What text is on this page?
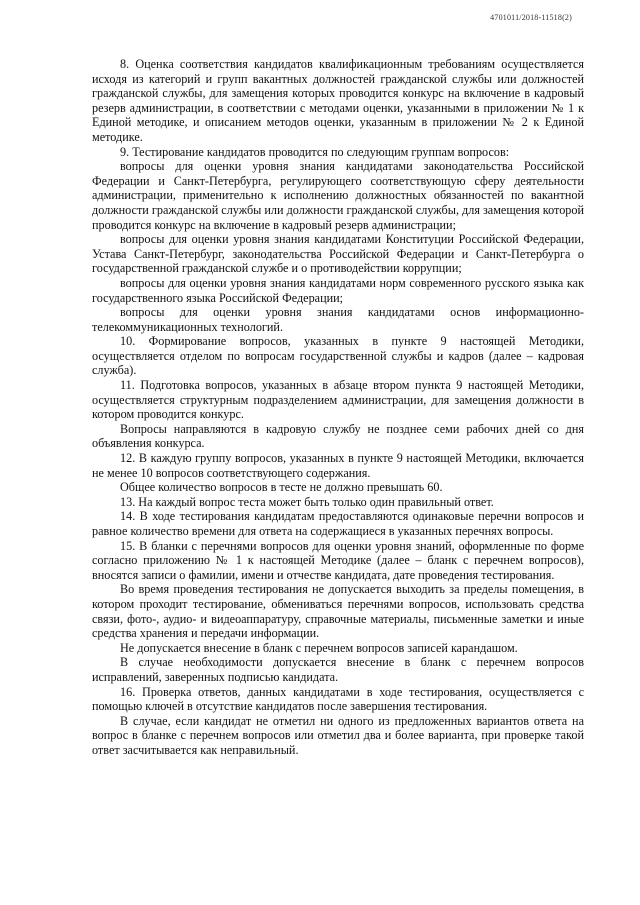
4701011/2018-11518(2)

8. Оценка соответствия кандидатов квалификационным требованиям осуществляется исходя из категорий и групп вакантных должностей гражданской службы или должностей гражданской службы, для замещения которых проводится конкурс на включение в кадровый резерв администрации, в соответствии с методами оценки, указанными в приложении № 1 к Единой методике, и описанием методов оценки, указанным в приложении № 2 к Единой методике.

9. Тестирование кандидатов проводится по следующим группам вопросов:

вопросы для оценки уровня знания кандидатами законодательства Российской Федерации и Санкт-Петербурга, регулирующего соответствующую сферу деятельности администрации, применительно к исполнению должностных обязанностей по вакантной должности гражданской службы или должности гражданской службы, для замещения которой проводится конкурс на включение в кадровый резерв администрации;

вопросы для оценки уровня знания кандидатами Конституции Российской Федерации, Устава Санкт-Петербург, законодательства Российской Федерации и Санкт-Петербурга о государственной гражданской службе и о противодействии коррупции;

вопросы для оценки уровня знания кандидатами норм современного русского языка как государственного языка Российской Федерации;

вопросы для оценки уровня знания кандидатами основ информационно-телекоммуникационных технологий.

10. Формирование вопросов, указанных в пункте 9 настоящей Методики, осуществляется отделом по вопросам государственной службы и кадров (далее – кадровая служба).

11. Подготовка вопросов, указанных в абзаце втором пункта 9 настоящей Методики, осуществляется структурным подразделением администрации, для замещения должности в котором проводится конкурс.

Вопросы направляются в кадровую службу не позднее семи рабочих дней со дня объявления конкурса.

12. В каждую группу вопросов, указанных в пункте 9 настоящей Методики, включается не менее 10 вопросов соответствующего содержания.

Общее количество вопросов в тесте не должно превышать 60.

13. На каждый вопрос теста может быть только один правильный ответ.

14. В ходе тестирования кандидатам предоставляются одинаковые перечни вопросов и равное количество времени для ответа на содержащиеся в указанных перечнях вопросы.

15. В бланки с перечнями вопросов для оценки уровня знаний, оформленные по форме согласно приложению № 1 к настоящей Методике (далее – бланк с перечнем вопросов), вносятся записи о фамилии, имени и отчестве кандидата, дате проведения тестирования.

Во время проведения тестирования не допускается выходить за пределы помещения, в котором проходит тестирование, обмениваться перечнями вопросов, использовать средства связи, фото-, аудио- и видеоаппаратуру, справочные материалы, письменные заметки и иные средства хранения и передачи информации.

Не допускается внесение в бланк с перечнем вопросов записей карандашом.

В случае необходимости допускается внесение в бланк с перечнем вопросов исправлений, заверенных подписью кандидата.

16. Проверка ответов, данных кандидатами в ходе тестирования, осуществляется с помощью ключей в отсутствие кандидатов после завершения тестирования.

В случае, если кандидат не отметил ни одного из предложенных вариантов ответа на вопрос в бланке с перечнем вопросов или отметил два и более варианта, при проверке такой ответ засчитывается как неправильный.
